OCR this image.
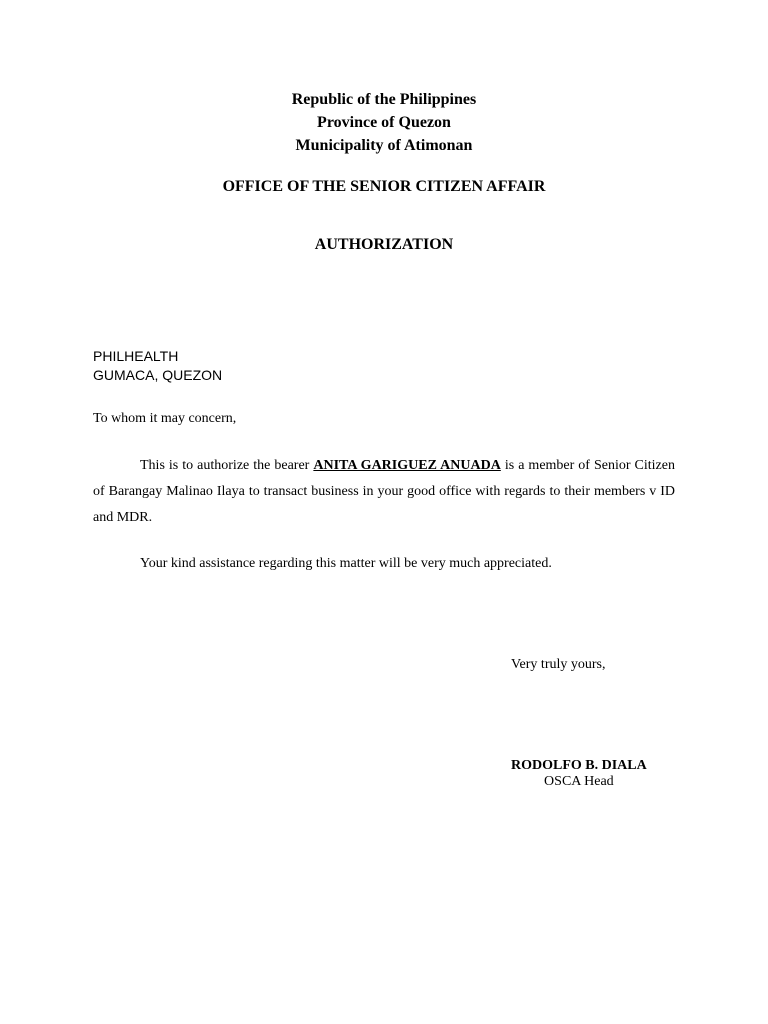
Republic of the Philippines
Province of Quezon
Municipality of Atimonan
OFFICE OF THE SENIOR CITIZEN AFFAIR
AUTHORIZATION
PHILHEALTH
GUMACA, QUEZON
To whom it may concern,
This is to authorize the bearer ANITA GARIGUEZ ANUADA is a member of Senior Citizen of Barangay Malinao Ilaya to transact business in your good office with regards to their members v ID and MDR.
Your kind assistance regarding this matter will be very much appreciated.
Very truly yours,
RODOLFO B. DIALA
OSCA Head
